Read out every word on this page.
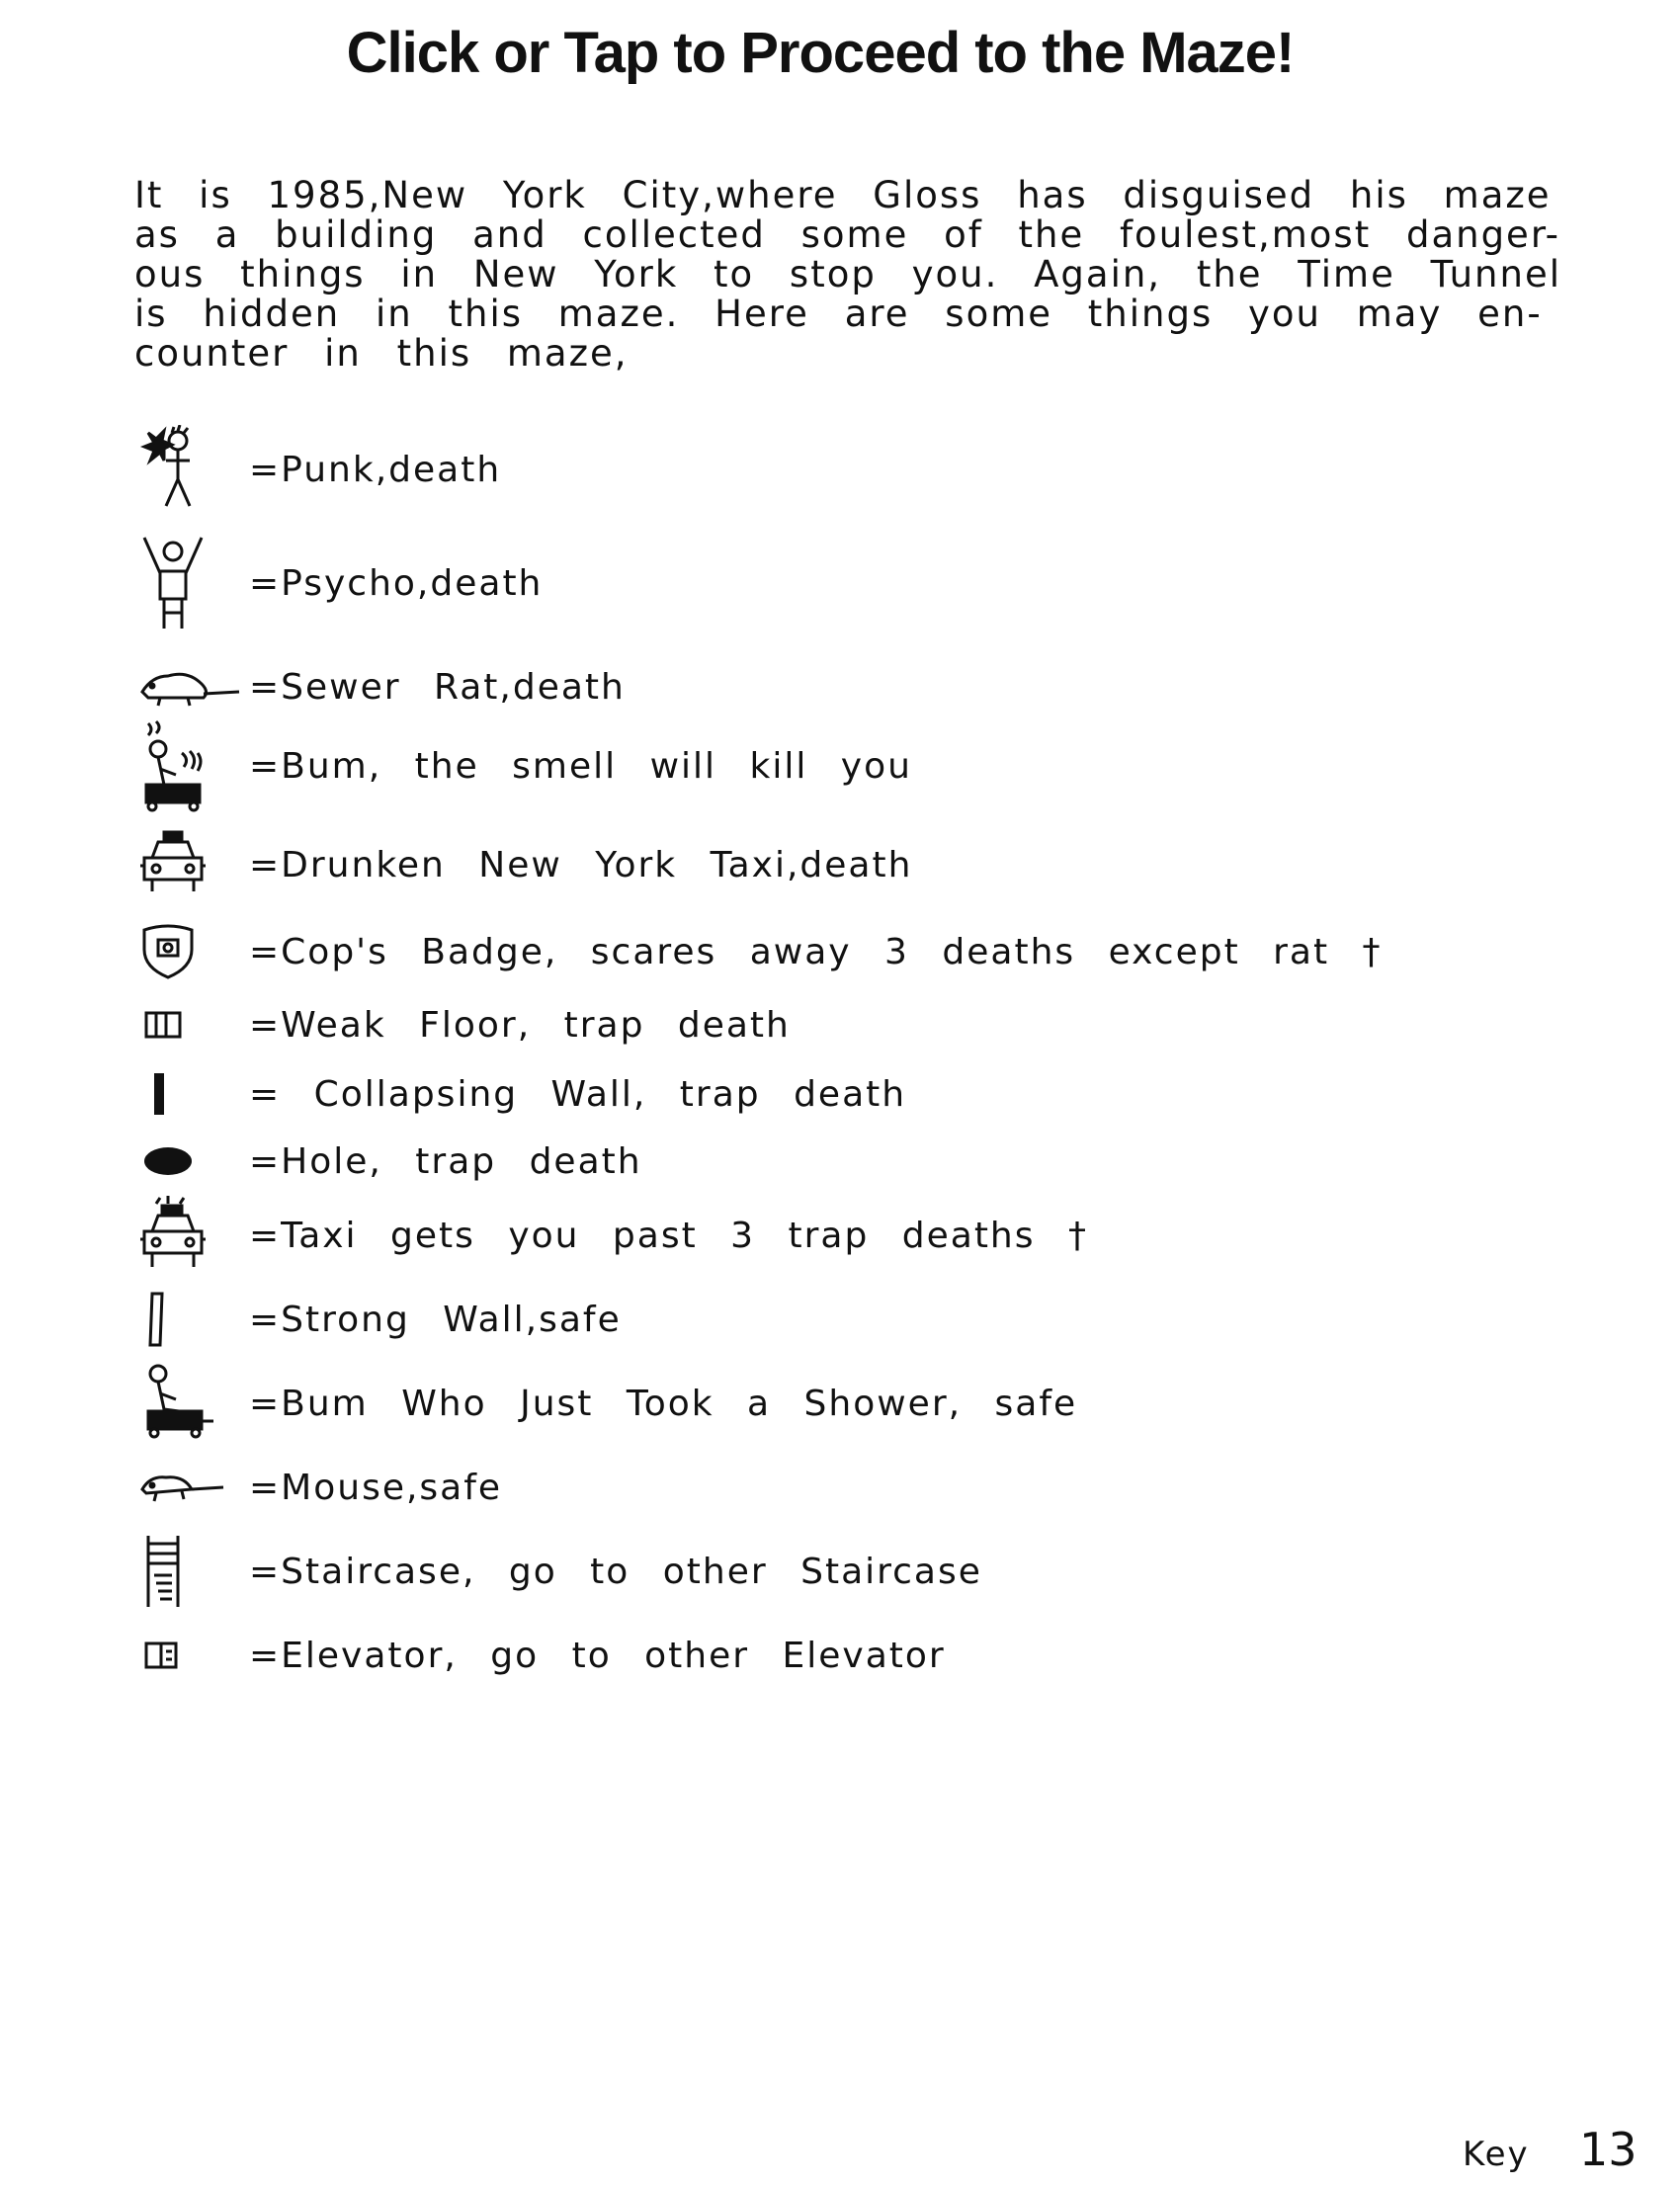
Click or Tap to Proceed to the Maze!
It is 1985,New York City,where Gloss has disguised his maze
as a building and collected some of the foulest,most danger-
ous things in New York to stop you. Again, the Time Tunnel
is hidden in this maze. Here are some things you may en-
counter in this maze,
=Punk,death
=Psycho,death
=Sewer Rat,death
=Bum, the smell will kill you
=Drunken New York Taxi,death
=Cop's Badge, scares away 3 deaths except rat †
=Weak Floor, trap death
= Collapsing Wall, trap death
=Hole, trap death
=Taxi gets you past 3 trap deaths †
=Strong Wall,safe
=Bum Who Just Took a Shower, safe
=Mouse,safe
=Staircase, go to other Staircase
=Elevator, go to other Elevator
Key 13
